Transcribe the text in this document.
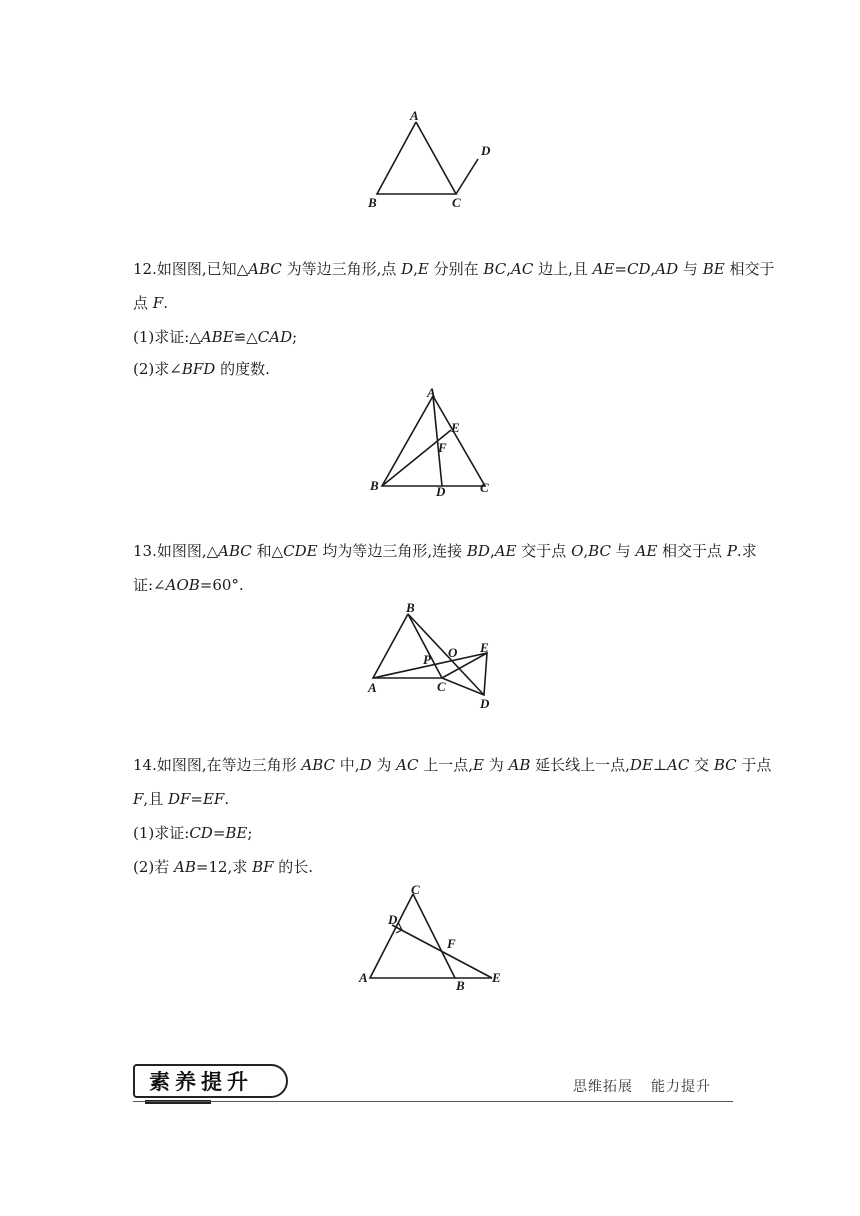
A
B	C
D
12.如图图,已知△ABC 为等边三角形,点 D,E 分别在 BC,AC 边上,且 AE=CD,AD 与 BE 相交于
点 F.
(1)求证:△ABE≌△CAD;
(2)求∠BFD 的度数.
A
B	C
D
E
F
13.如图图,△ABC 和△CDE 均为等边三角形,连接 BD,AE 交于点 O,BC 与 AE 相交于点 P.求
证:∠AOB=60°.
A
B
C
D
E
O
P
14.如图图,在等边三角形 ABC 中,D 为 AC 上一点,E 为 AB 延长线上一点,DE⊥AC 交 BC 于点
F,且 DF=EF.
(1)求证:CD=BE;
(2)若 AB=12,求 BF 的长.
A
B
C
D
E
F
素养提升	思维拓展 能力提升
